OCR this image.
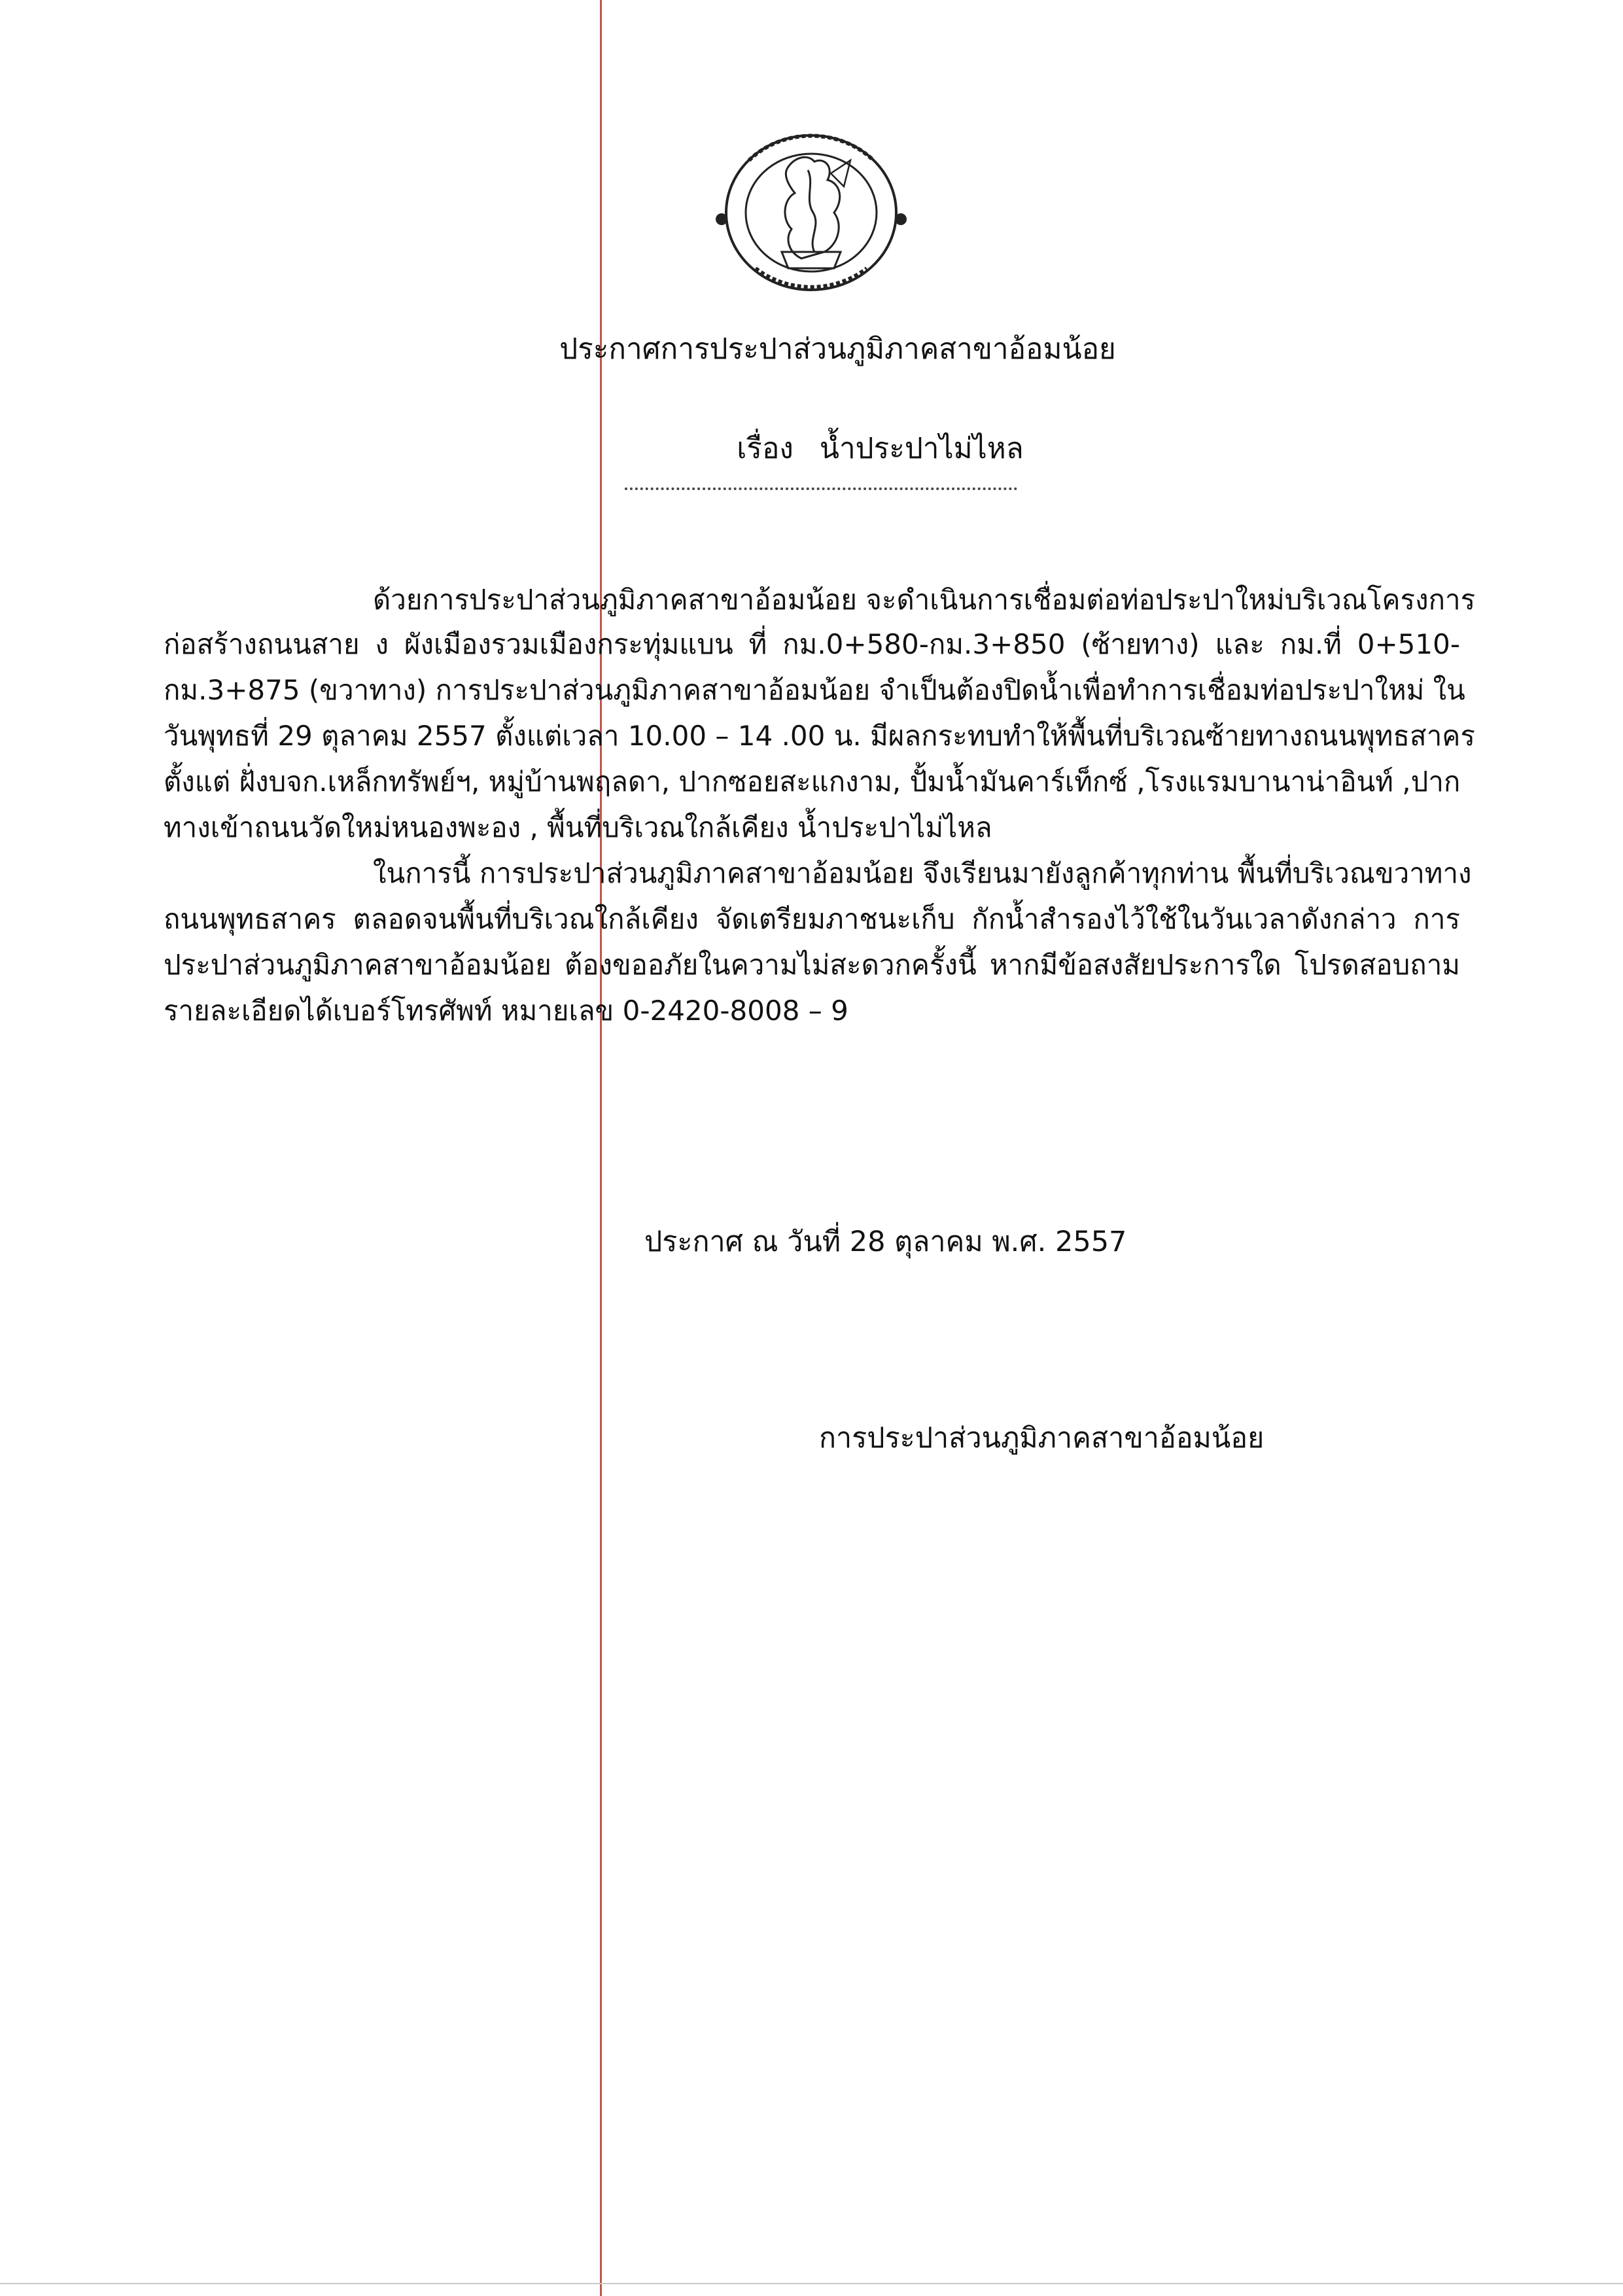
ประกาศการประปาส่วนภูมิภาคสาขาอ้อมน้อย
เรื่อง น้ำประปาไม่ไหล
ด้วยการประปาส่วนภูมิภาคสาขาอ้อมน้อย จะดำเนินการเชื่อมต่อท่อประปาใหม่บริเวณโครงการ
ก่อสร้างถนนสาย ง ผังเมืองรวมเมืองกระทุ่มแบน ที่ กม.0+580-กม.3+850 (ซ้ายทาง) และ กม.ที่ 0+510-
กม.3+875 (ขวาทาง) การประปาส่วนภูมิภาคสาขาอ้อมน้อย จำเป็นต้องปิดน้ำเพื่อทำการเชื่อมท่อประปาใหม่ ใน
วันพุทธที่ 29 ตุลาคม 2557 ตั้งแต่เวลา 10.00 – 14 .00 น. มีผลกระทบทำให้พื้นที่บริเวณซ้ายทางถนนพุทธสาคร
ตั้งแต่ ฝั่งบจก.เหล็กทรัพย์ฯ, หมู่บ้านพฤลดา, ปากซอยสะแกงาม, ปั้มน้ำมันคาร์เท็กซ์ ,โรงแรมบานาน่าอินท์ ,ปาก
ทางเข้าถนนวัดใหม่หนองพะอง , พื้นที่บริเวณใกล้เคียง น้ำประปาไม่ไหล
ในการนี้ การประปาส่วนภูมิภาคสาขาอ้อมน้อย จึงเรียนมายังลูกค้าทุกท่าน พื้นที่บริเวณขวาทาง
ถนนพุทธสาคร ตลอดจนพื้นที่บริเวณใกล้เคียง จัดเตรียมภาชนะเก็บ กักน้ำสำรองไว้ใช้ในวันเวลาดังกล่าว การ
ประปาส่วนภูมิภาคสาขาอ้อมน้อย ต้องขออภัยในความไม่สะดวกครั้งนี้ หากมีข้อสงสัยประการใด โปรดสอบถาม
รายละเอียดได้เบอร์โทรศัพท์ หมายเลข 0-2420-8008 – 9
ประกาศ ณ วันที่ 28 ตุลาคม พ.ศ. 2557
การประปาส่วนภูมิภาคสาขาอ้อมน้อย
